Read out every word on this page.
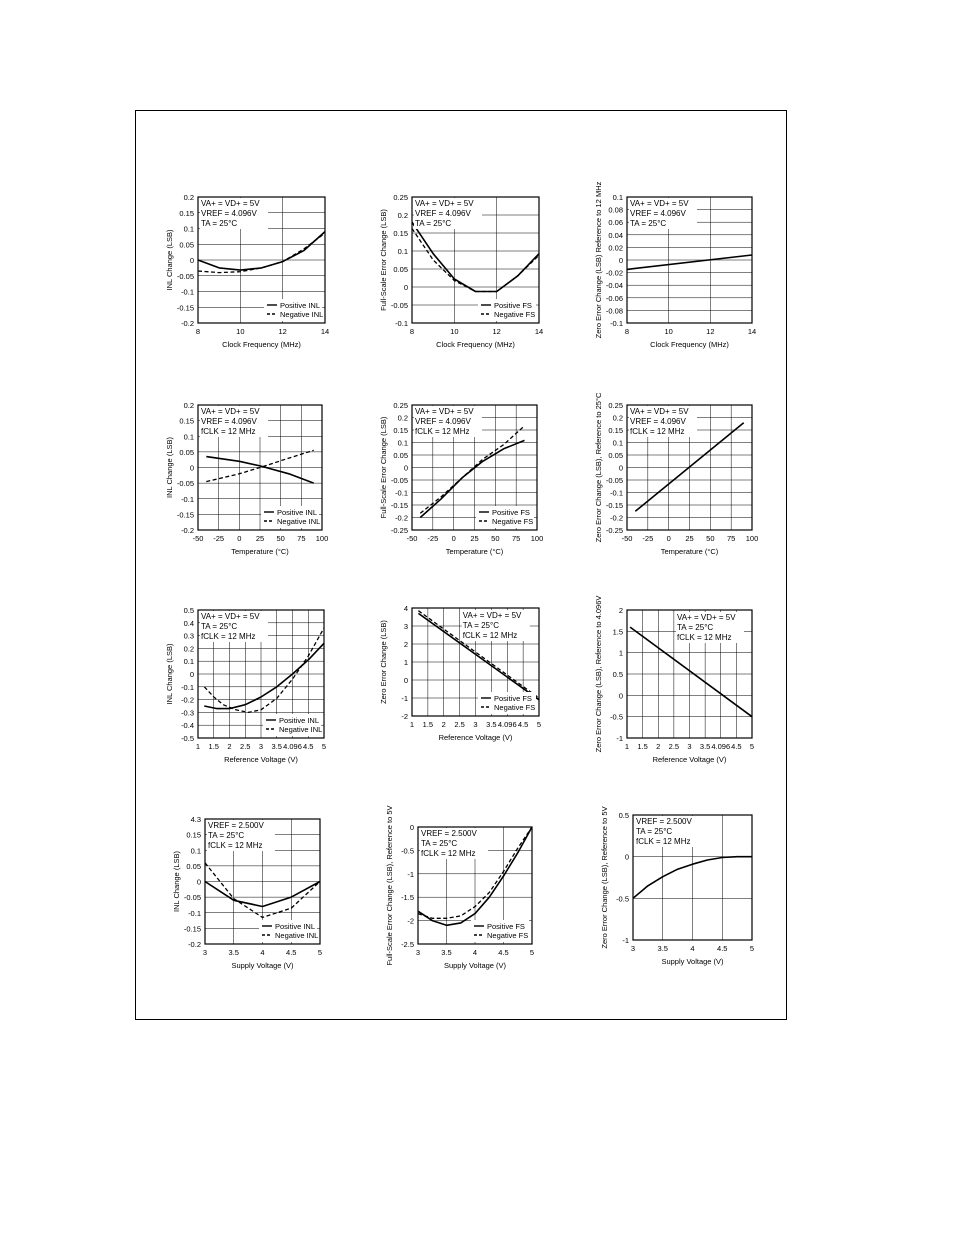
0.2
0.15
0.1
0.05
0
-0.05
-0.1
-0.15
-0.2
8	10	12	14
Clock Frequency (MHz)
INL Change (LSB)
VA+ = VD+ = 5V
VREF = 4.096V
TA = 25°C
Positive INL
Negative INL
0.25
0.2
0.15
0.1
0.05
0
-0.05
-0.1
8	10	12	14
Clock Frequency (MHz)
Full-Scale Error Change (LSB)
VA+ = VD+ = 5V
VREF = 4.096V
TA = 25°C
Positive FS
Negative FS
0.1
0.08
0.06
0.04
0.02
0
-0.02
-0.04
-0.06
-0.08
-0.1
8	10	12	14
Clock Frequency (MHz)
Zero Error Change (LSB) Reference to 12 MHz	VA+ = VD+ = 5V
VREF = 4.096V
TA = 25°C
0.2
0.15
0.1
0.05
0
-0.05
-0.1
-0.15
-0.2
-50 -25 0 25 50 75 100
Temperature (°C)
INL Change (LSB)
VA+ = VD+ = 5V
VREF = 4.096V
fCLK = 12 MHz
Positive INL
Negative INL
0.25
0.2
0.15
0.1
0.05
0
-0.05
-0.1
-0.15
-0.2
-0.25
-50 -25 0 25 50 75 100
Temperature (°C)
Full-Scale Error Change (LSB)
VA+ = VD+ = 5V
VREF = 4.096V
fCLK = 12 MHz
Positive FS
Negative FS
0.25
0.2
0.15
0.1
0.05
0
-0.05
-0.1
-0.15
-0.2
-0.25
-50 -25 0 25 50 75 100
Temperature (°C)
Zero Error Change (LSB), Reference to 25°C	VA+ = VD+ = 5V
VREF = 4.096V
fCLK = 12 MHz
0.5
0.4
0.3
0.2
0.1
0
-0.1
-0.2
-0.3
-0.4
-0.5
1 1.5 2 2.5 3 3.5 4.096 4.5 5
Reference Voltage (V)
INL Change (LSB)
VA+ = VD+ = 5V
TA = 25°C
fCLK = 12 MHz
Positive INL
Negative INL
4
3
2
1
0
-1
-2
1 1.5 2 2.5 3 3.5 4.096 4.5 5
Reference Voltage (V)
Zero Error Change (LSB)
VA+ = VD+ = 5V
TA = 25°C
fCLK = 12 MHz
Positive FS
Negative FS
2
1.5
1
0.5
0
-0.5
-1
1 1.5 2 2.5 3 3.5 4.096 4.5 5
Reference Voltage (V)
Zero Error Change (LSB), Reference to 4.096V	VA+ = VD+ = 5V
TA = 25°C
fCLK = 12 MHz
4.3
0.15
0.1
0.05
0
-0.05
-0.1
-0.15
-0.2
3	3.5	4	4.5	5
Supply Voltage (V)
INL Change (LSB)
VREF = 2.500V
TA = 25°C
fCLK = 12 MHz
Positive INL
Negative INL
0
-0.5
-1
-1.5
-2
-2.5
3	3.5	4	4.5	5
Supply Voltage (V)
Full-Scale Error Change (LSB), Reference to 5V	VREF = 2.500V
TA = 25°C
fCLK = 12 MHz
Positive FS
Negative FS
0.5
0
-0.5
-1
3	3.5	4	4.5	5
Supply Voltage (V)
Zero Error Change (LSB), Reference to 5V	VREF = 2.500V
TA = 25°C
fCLK = 12 MHz
